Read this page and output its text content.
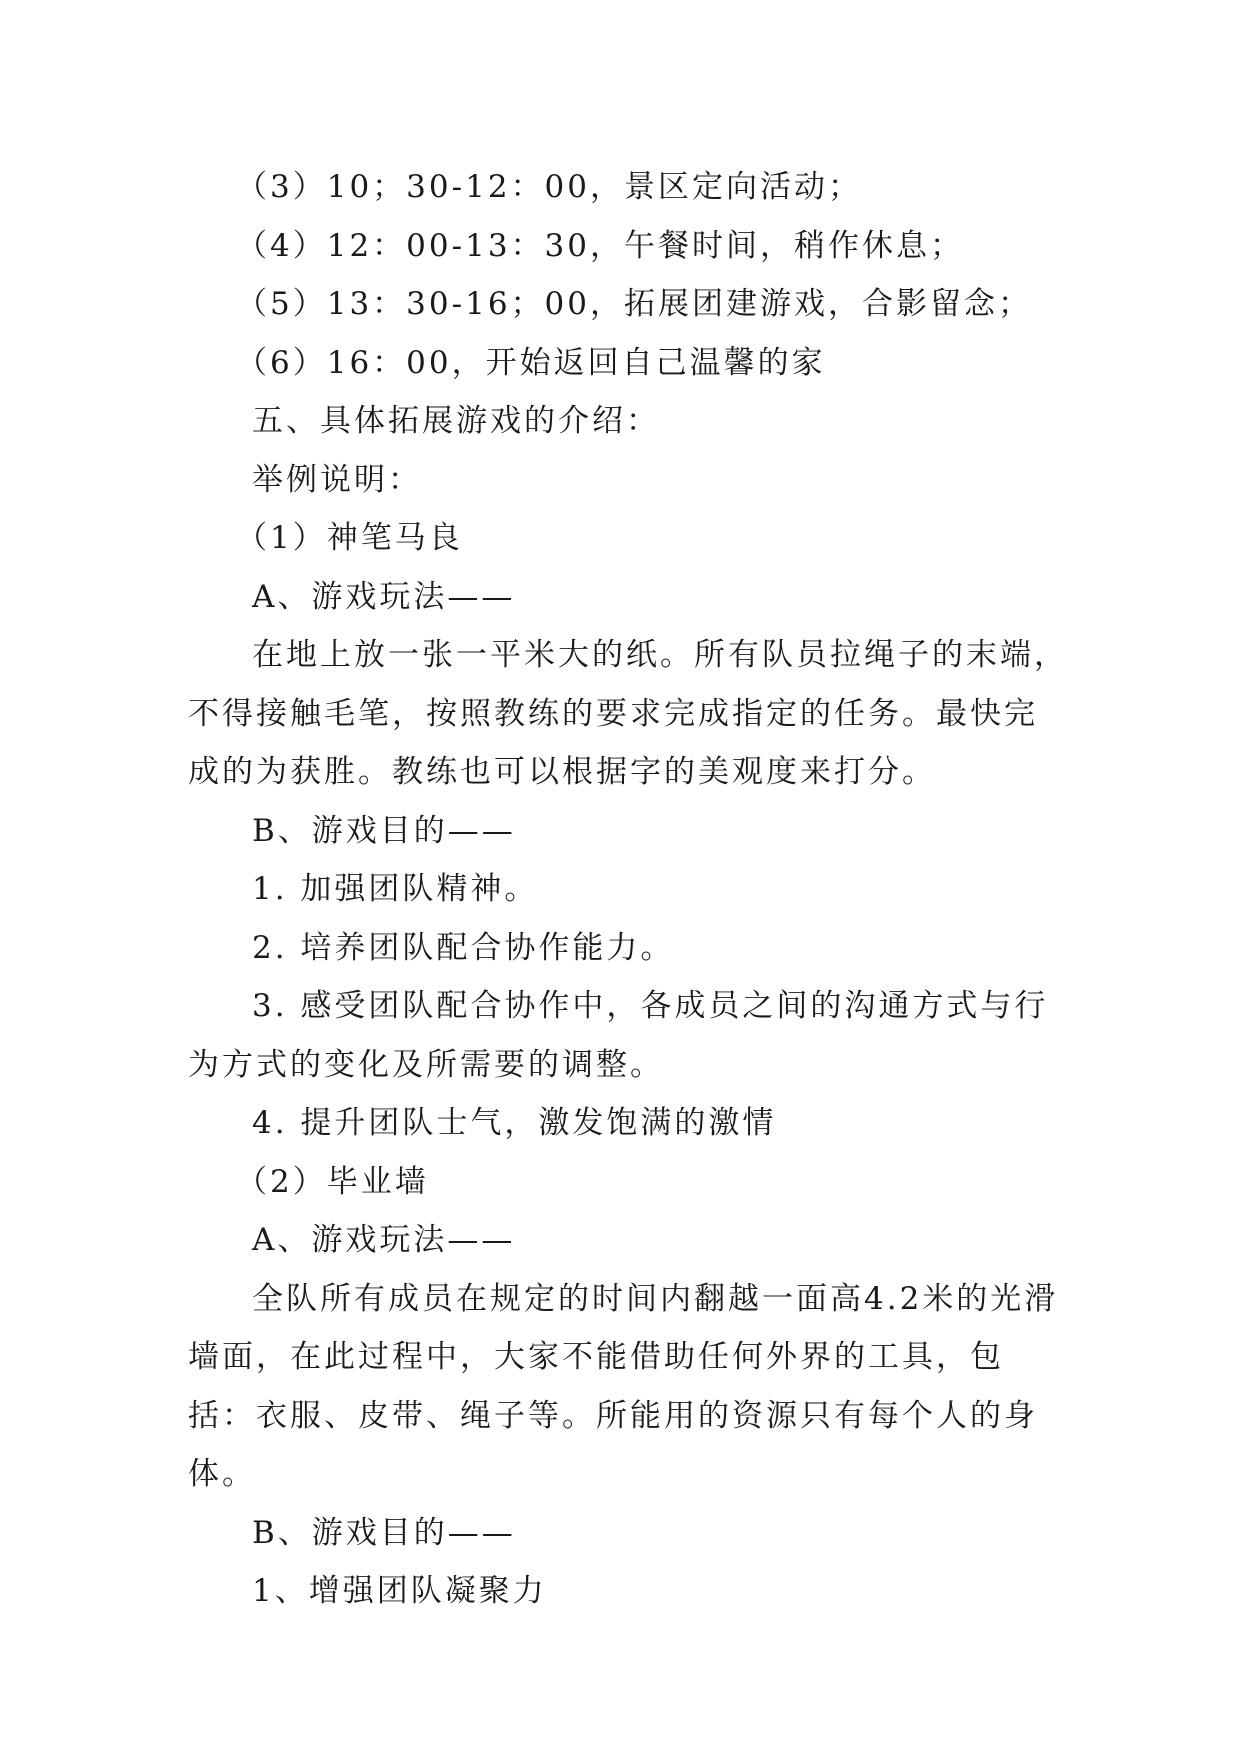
（3）10；30-12：00，景区定向活动；

（4）12：00-13：30，午餐时间，稍作休息；

（5）13：30-16；00，拓展团建游戏，合影留念；

（6）16：00，开始返回自己温馨的家

五、具体拓展游戏的介绍：

举例说明：

（1）神笔马良

A、游戏玩法——

在地上放一张一平米大的纸。所有队员拉绳子的末端，不得接触毛笔，按照教练的要求完成指定的任务。最快完成的为获胜。教练也可以根据字的美观度来打分。

B、游戏目的——

1. 加强团队精神。

2. 培养团队配合协作能力。

3. 感受团队配合协作中，各成员之间的沟通方式与行为方式的变化及所需要的调整。

4. 提升团队士气，激发饱满的激情

（2）毕业墙

A、游戏玩法——

全队所有成员在规定的时间内翻越一面高4.2米的光滑墙面，在此过程中，大家不能借助任何外界的工具，包括：衣服、皮带、绳子等。所能用的资源只有每个人的身体。

B、游戏目的——

1、增强团队凝聚力
